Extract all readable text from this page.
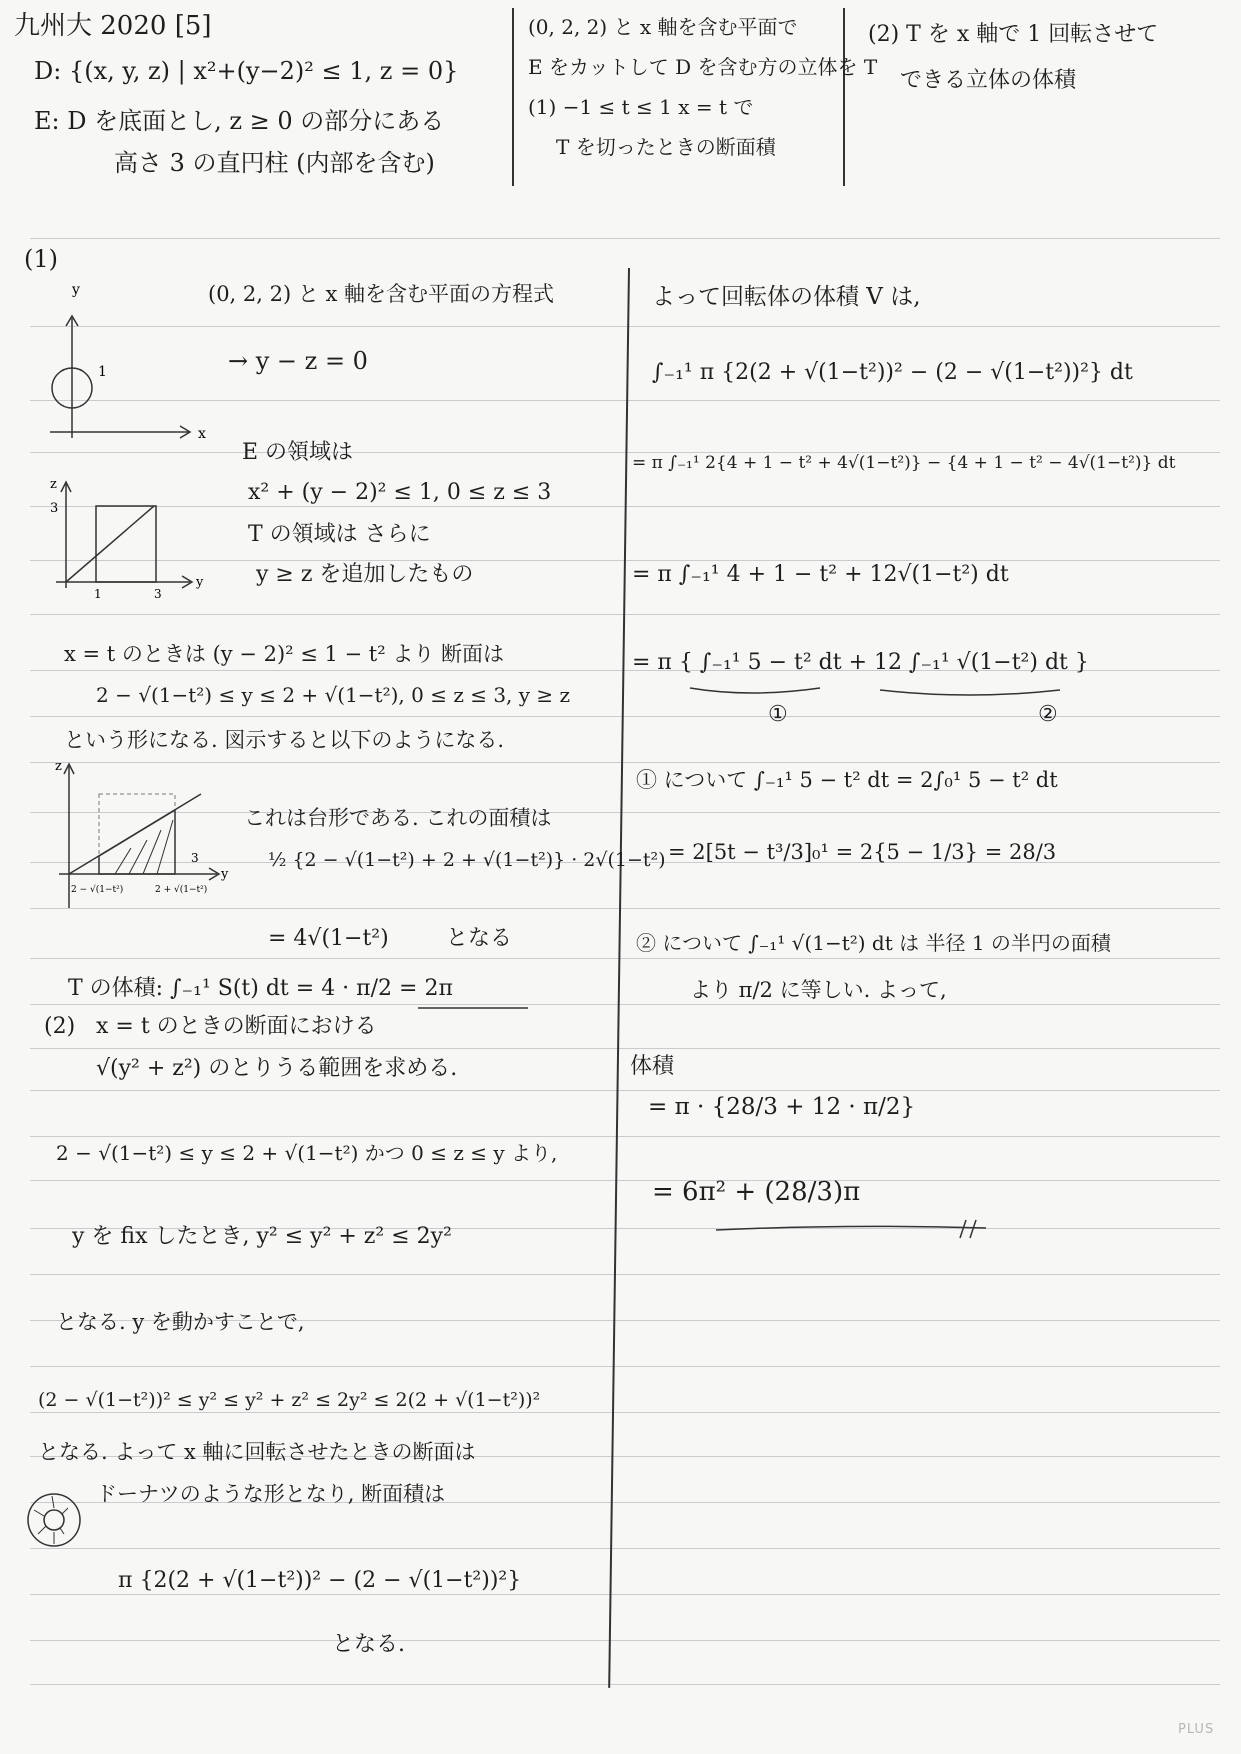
九州大 2020 [5]
D: {(x, y, z) | x²+(y−2)² ≤ 1, z = 0}
E: D を底面とし, z ≥ 0 の部分にある
高さ 3 の直円柱 (内部を含む)
(0, 2, 2) と x 軸を含む平面で
E をカットして D を含む方の立体を T
(1) −1 ≤ t ≤ 1 x = t で
T を切ったときの断面積
(2) T を x 軸で 1 回転させて
できる立体の体積
(1)
1
x
y	(0, 2, 2) と x 軸を含む平面の方程式
→ y − z = 0
E の領域は
x² + (y − 2)² ≤ 1, 0 ≤ z ≤ 3
T の領域は さらに
y ≥ z を追加したもの
z
3
1	3
y
x = t のときは (y − 2)² ≤ 1 − t² より 断面は
2 − √(1−t²) ≤ y ≤ 2 + √(1−t²), 0 ≤ z ≤ 3, y ≥ z
という形になる. 図示すると以下のようになる.
z
3
y
2 − √(1−t²)	2 + √(1−t²)
これは台形である. これの面積は
½ {2 − √(1−t²) + 2 + √(1−t²)} · 2√(1−t²)
= 4√(1−t²)	となる
T の体積: ∫₋₁¹ S(t) dt = 4 · π/2 = 2π
(2) x = t のときの断面における
√(y² + z²) のとりうる範囲を求める.
2 − √(1−t²) ≤ y ≤ 2 + √(1−t²) かつ 0 ≤ z ≤ y より,
y を fix したとき, y² ≤ y² + z² ≤ 2y²
となる. y を動かすことで,
(2 − √(1−t²))² ≤ y² ≤ y² + z² ≤ 2y² ≤ 2(2 + √(1−t²))²
となる. よって x 軸に回転させたときの断面は
ドーナツのような形となり, 断面積は
π {2(2 + √(1−t²))² − (2 − √(1−t²))²}
となる.
よって回転体の体積 V は,
∫₋₁¹ π {2(2 + √(1−t²))² − (2 − √(1−t²))²} dt
= π ∫₋₁¹ 2{4 + 1 − t² + 4√(1−t²)} − {4 + 1 − t² − 4√(1−t²)} dt
= π ∫₋₁¹ 4 + 1 − t² + 12√(1−t²) dt
= π { ∫₋₁¹ 5 − t² dt + 12 ∫₋₁¹ √(1−t²) dt }
①	②
① について ∫₋₁¹ 5 − t² dt = 2∫₀¹ 5 − t² dt
= 2[5t − t³/3]₀¹ = 2{5 − 1/3} = 28/3
② について ∫₋₁¹ √(1−t²) dt は 半径 1 の半円の面積
より π/2 に等しい. よって,
体積
= π · {28/3 + 12 · π/2}
= 6π² + (28/3)π
PLUS
